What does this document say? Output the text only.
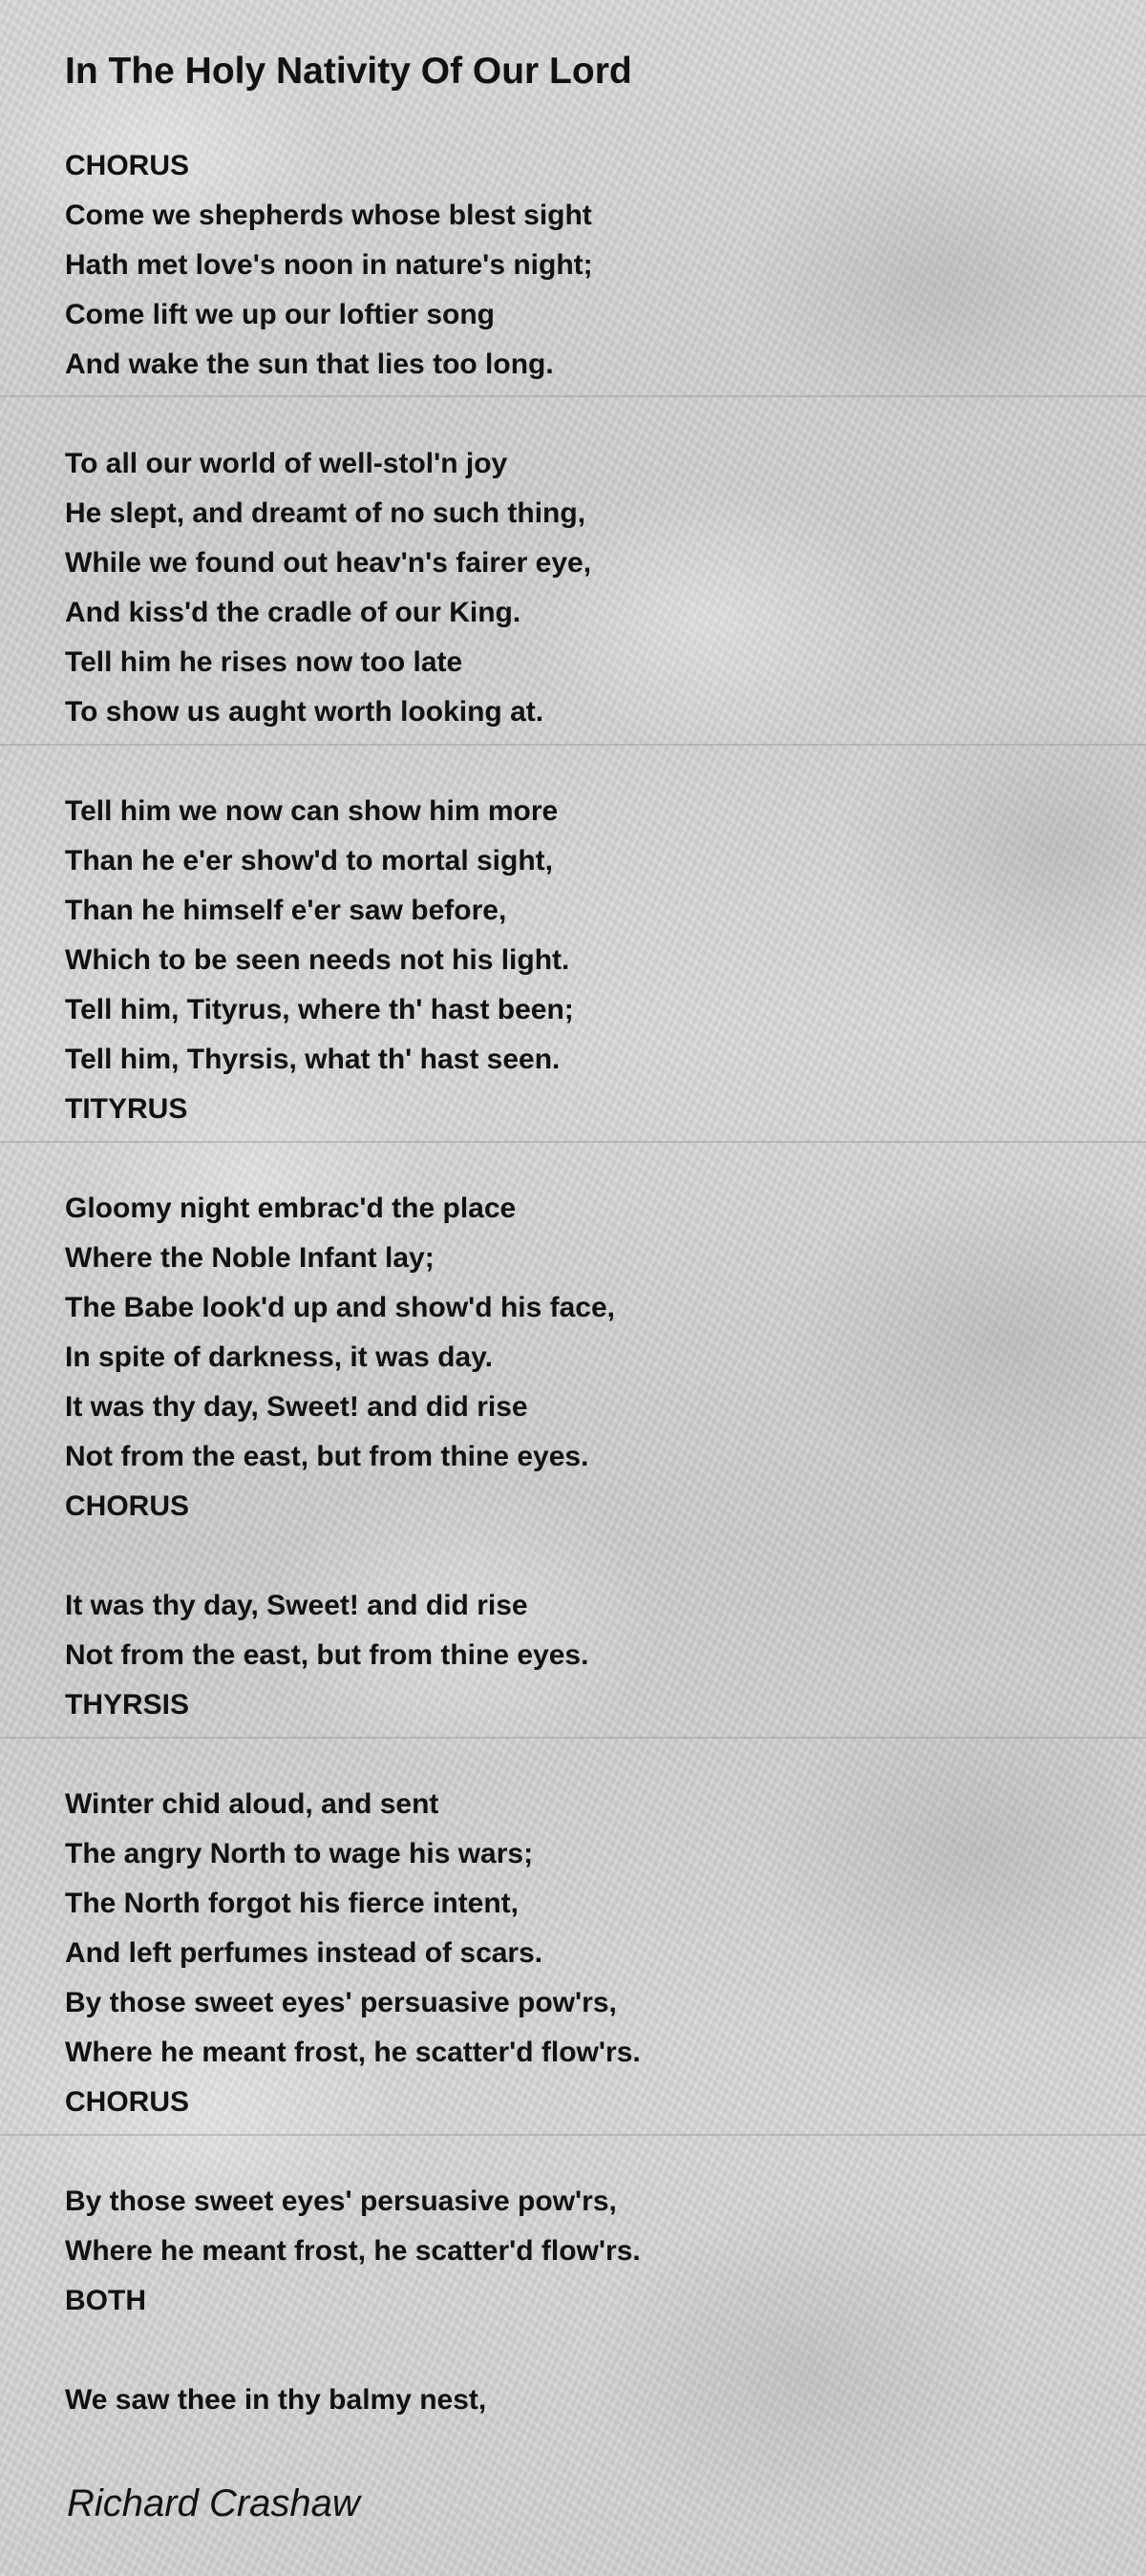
In The Holy Nativity Of Our Lord
CHORUS
Come we shepherds whose blest sight
Hath met love's noon in nature's night;
Come lift we up our loftier song
And wake the sun that lies too long.
To all our world of well-stol'n joy
He slept, and dreamt of no such thing,
While we found out heav'n's fairer eye,
And kiss'd the cradle of our King.
Tell him he rises now too late
To show us aught worth looking at.
Tell him we now can show him more
Than he e'er show'd to mortal sight,
Than he himself e'er saw before,
Which to be seen needs not his light.
Tell him, Tityrus, where th' hast been;
Tell him, Thyrsis, what th' hast seen.
TITYRUS
Gloomy night embrac'd the place
Where the Noble Infant lay;
The Babe look'd up and show'd his face,
In spite of darkness, it was day.
It was thy day, Sweet! and did rise
Not from the east, but from thine eyes.
CHORUS
It was thy day, Sweet! and did rise
Not from the east, but from thine eyes.
THYRSIS
Winter chid aloud, and sent
The angry North to wage his wars;
The North forgot his fierce intent,
And left perfumes instead of scars.
By those sweet eyes' persuasive pow'rs,
Where he meant frost, he scatter'd flow'rs.
CHORUS
By those sweet eyes' persuasive pow'rs,
Where he meant frost, he scatter'd flow'rs.
BOTH
We saw thee in thy balmy nest,

Richard Crashaw
